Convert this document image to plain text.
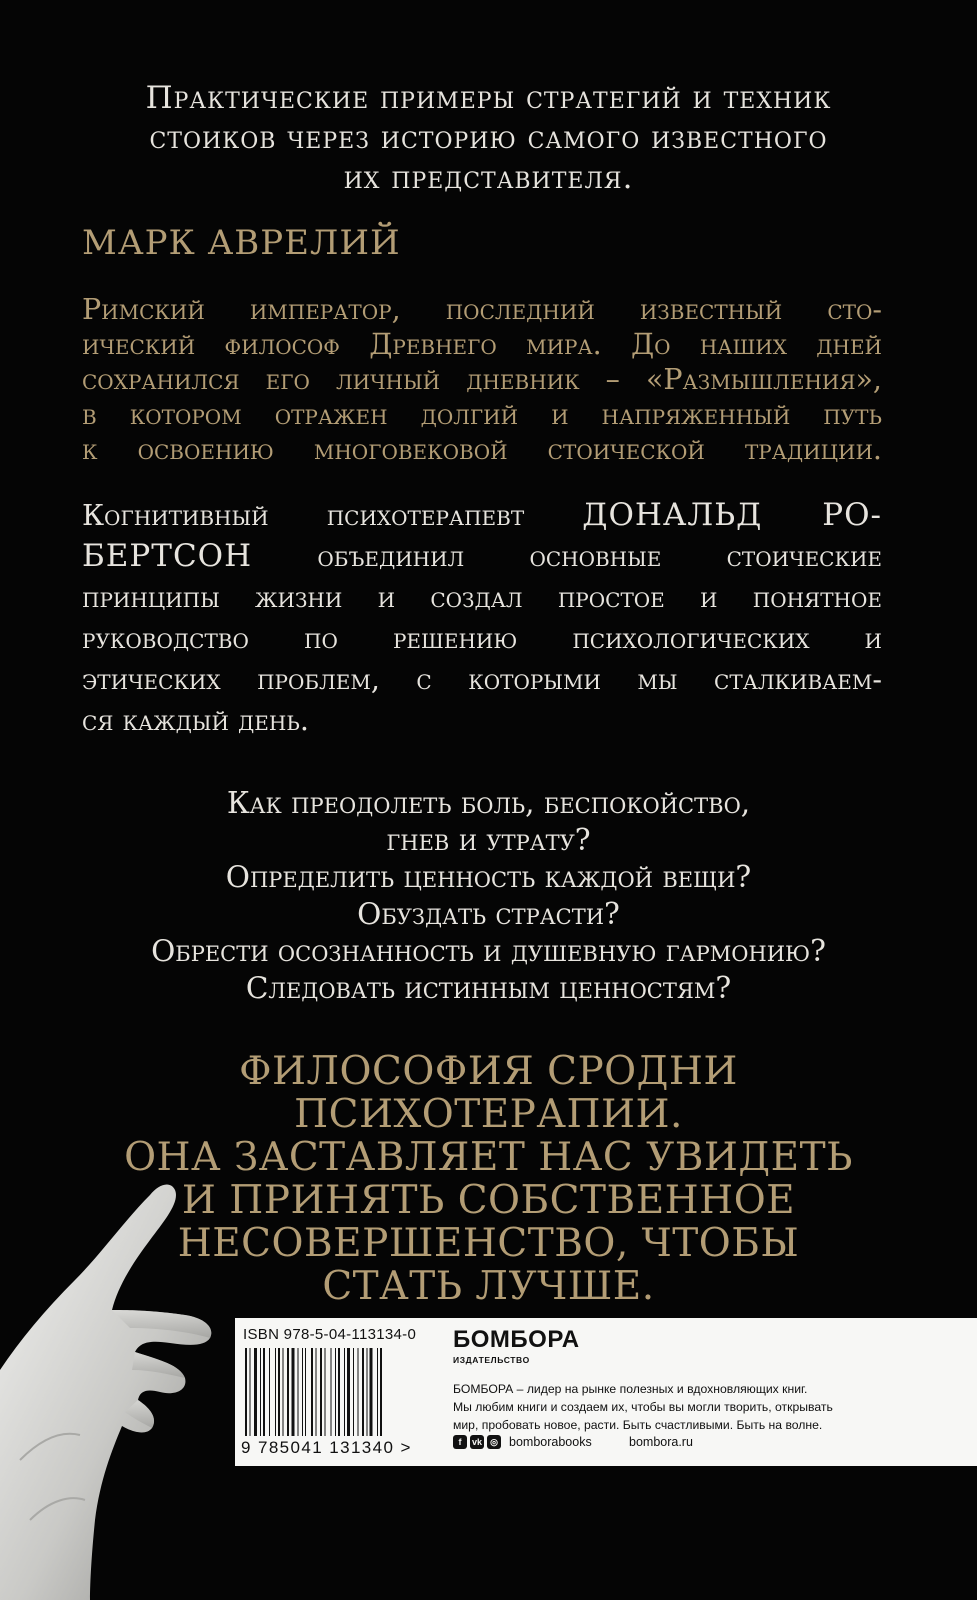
Практические примеры стратегий и техник
стоиков через историю самого известного
их представителя.
МАРК АВРЕЛИЙ
Римский император, последний известный сто-
ический философ Древнего мира. До наших дней
сохранился его личный дневник – «Размышления»,
в котором отражен долгий и напряженный путь
к освоению многовековой стоической традиции.
Когнитивный психотерапевт ДОНАЛЬД РО-
БЕРТСОН объединил основные стоические
принципы жизни и создал простое и понятное
руководство по решению психологических и
этических проблем, с которыми мы сталкиваем-
ся каждый день.
Как преодолеть боль, беспокойство,
гнев и утрату?
Определить ценность каждой вещи?
Обуздать страсти?
Обрести осознанность и душевную гармонию?
Следовать истинным ценностям?
ФИЛОСОФИЯ СРОДНИ ПСИХОТЕРАПИИ.
ОНА ЗАСТАВЛЯЕТ НАС УВИДЕТЬ
И ПРИНЯТЬ СОБСТВЕННОЕ
НЕСОВЕРШЕНСТВО, ЧТОБЫ
СТАТЬ ЛУЧШЕ.
ISBN 978-5-04-113134-0
9 785041 131340 >
БОМБОРА
ИЗДАТЕЛЬСТВО
БОМБОРА – лидер на рынке полезных и вдохновляющих книг.
Мы любим книги и создаем их, чтобы вы могли творить, открывать
мир, пробовать новое, расти. Быть счастливыми. Быть на волне.
f	vk ◎ bomborabooks	bombora.ru
